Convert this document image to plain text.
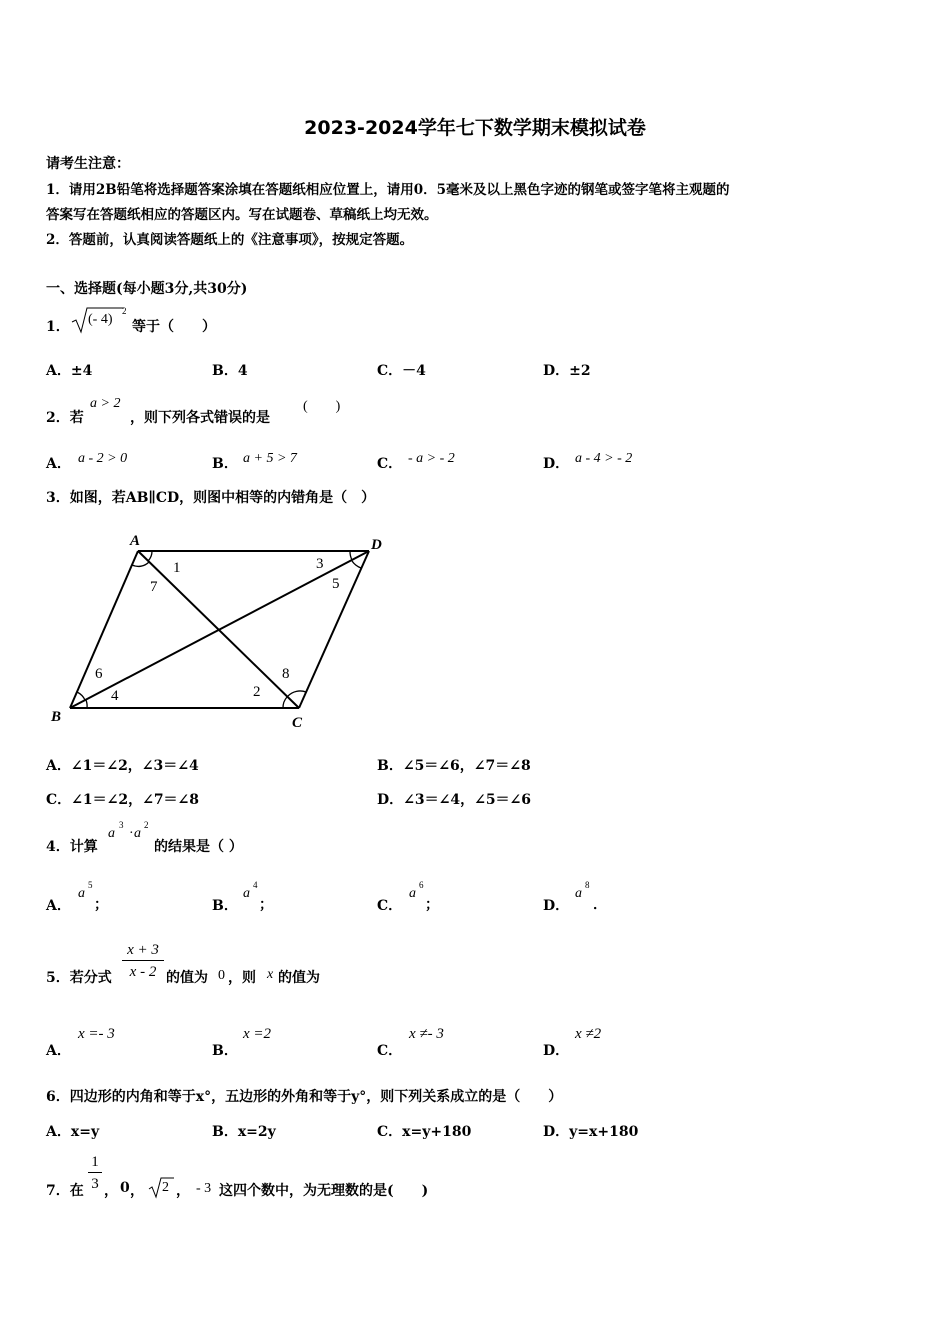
2023-2024学年七下数学期末模拟试卷
请考生注意：
1．请用2B铅笔将选择题答案涂填在答题纸相应位置上，请用0．5毫米及以上黑色字迹的钢笔或签字笔将主观题的
答案写在答题纸相应的答题区内。写在试题卷、草稿纸上均无效。
2．答题前，认真阅读答题纸上的《注意事项》，按规定答题。
一、选择题(每小题3分,共30分)
1． (- 4)
2
等于（　　）
A．±4	B．4	C．－4	D．±2
2．若
a > 2
，则下列各式错误的是
(　　)
A． a - 2 > 0	B． a + 5 > 7	C． - a > - 2	D． a - 4 > - 2
3．如图，若AB∥CD，则图中相等的内错角是（　）
A	D
B	C
1	3
7	5
6
4	2
8
A．∠1＝∠2，∠3＝∠4	B．∠5＝∠6，∠7＝∠8
C．∠1＝∠2，∠7＝∠8	D．∠3＝∠4，∠5＝∠6
4．计算
a
3
· a
2
的结果是（ ）
A．
a
5
；	B．
a
4
；	C．
a
6
；	D．
a
8
．
5．若分式 $\frac{x + 3}{x - 2}$ 的值为 0 ，则 x 的值为
A．
x =- 3
B．
x =2
C．
x ≠- 3
D．
x ≠2
6．四边形的内角和等于x°，五边形的外角和等于y°，则下列关系成立的是（　　）
A．x=y	B．x=2y	C．x=y+180	D．y=x+180
7．在 $\frac{1}{3}$ ， 0 ， 2 ， - 3 这四个数中，为无理数的是(　　)
